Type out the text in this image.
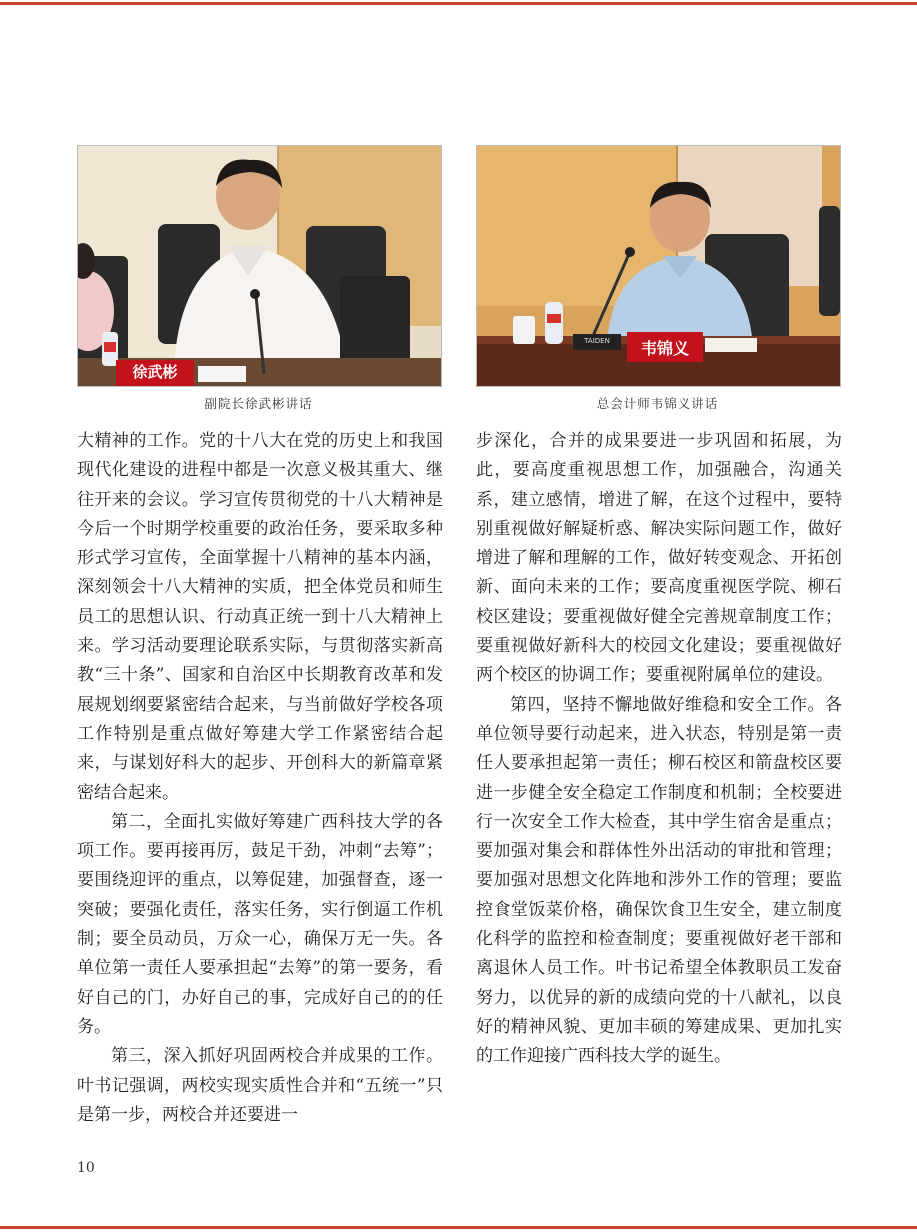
徐武彬
TAIDEN	韦锦义
副院长徐武彬讲话	总会计师韦锦义讲话

大精神的工作。党的十八大在党的历史上和我国现代化建设的进程中都是一次意义极其重大、继往开来的会议。学习宣传贯彻党的十八大精神是今后一个时期学校重要的政治任务，要采取多种形式学习宣传，全面掌握十八精神的基本内涵，深刻领会十八大精神的实质，把全体党员和师生员工的思想认识、行动真正统一到十八大精神上来。学习活动要理论联系实际，与贯彻落实新高教“三十条”、国家和自治区中长期教育改革和发展规划纲要紧密结合起来，与当前做好学校各项工作特别是重点做好筹建大学工作紧密结合起来，与谋划好科大的起步、开创科大的新篇章紧密结合起来。

第二，全面扎实做好筹建广西科技大学的各项工作。要再接再厉，鼓足干劲，冲刺“去筹”；要围绕迎评的重点，以筹促建，加强督查，逐一突破；要强化责任，落实任务，实行倒逼工作机制；要全员动员，万众一心，确保万无一失。各单位第一责任人要承担起“去筹”的第一要务，看好自己的门，办好自己的事，完成好自己的的任务。

第三，深入抓好巩固两校合并成果的工作。叶书记强调，两校实现实质性合并和“五统一”只是第一步，两校合并还要进一

步深化，合并的成果要进一步巩固和拓展，为此，要高度重视思想工作，加强融合，沟通关系，建立感情，增进了解，在这个过程中，要特别重视做好解疑析惑、解决实际问题工作，做好增进了解和理解的工作，做好转变观念、开拓创新、面向未来的工作；要高度重视医学院、柳石校区建设；要重视做好健全完善规章制度工作；要重视做好新科大的校园文化建设；要重视做好两个校区的协调工作；要重视附属单位的建设。

第四，坚持不懈地做好维稳和安全工作。各单位领导要行动起来，进入状态，特别是第一责任人要承担起第一责任；柳石校区和箭盘校区要进一步健全安全稳定工作制度和机制；全校要进行一次安全工作大检查，其中学生宿舍是重点；要加强对集会和群体性外出活动的审批和管理；要加强对思想文化阵地和涉外工作的管理；要监控食堂饭菜价格，确保饮食卫生安全，建立制度化科学的监控和检查制度；要重视做好老干部和离退休人员工作。叶书记希望全体教职员工发奋努力，以优异的新的成绩向党的十八献礼，以良好的精神风貌、更加丰硕的筹建成果、更加扎实的工作迎接广西科技大学的诞生。

10
